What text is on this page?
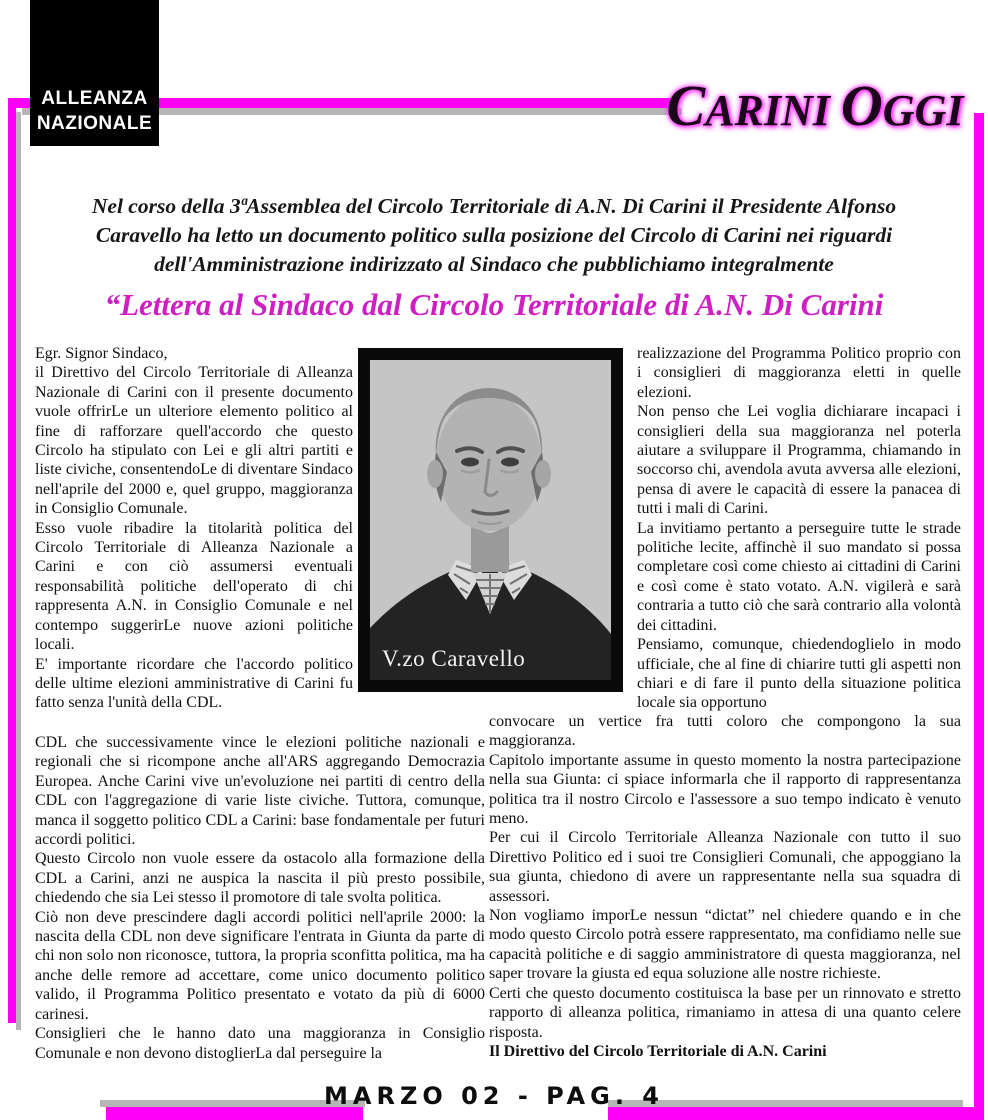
ALLEANZA
NAZIONALE	CARINI OGGI
Nel corso della 3ªAssemblea del Circolo Territoriale di A.N. Di Carini il Presidente Alfonso Caravello ha letto un documento politico sulla posizione del Circolo di Carini nei riguardi dell'Amministrazione indirizzato al Sindaco che pubblichiamo integralmente
“Lettera al Sindaco dal Circolo Territoriale di A.N. Di Carini

Egr. Signor Sindaco,

il Direttivo del Circolo Territoriale di Alleanza Nazionale di Carini con il presente documento vuole offrirLe un ulteriore elemento politico al fine di rafforzare quell'accordo che questo Circolo ha stipulato con Lei e gli altri partiti e liste civiche, consentendoLe di diventare Sindaco nell'aprile del 2000 e, quel gruppo, maggioranza in Consiglio Comunale.

Esso vuole ribadire la titolarità politica del Circolo Territoriale di Alleanza Nazionale a Carini e con ciò assumersi eventuali responsabilità politiche dell'operato di chi rappresenta A.N. in Consiglio Comunale e nel contempo suggerirLe nuove azioni politiche locali.

E' importante ricordare che l'accordo politico delle ultime elezioni amministrative di Carini fu fatto senza l'unità della CDL.

CDL che successivamente vince le elezioni politiche nazionali e regionali che si ricompone anche all'ARS aggregando Democrazia Europea. Anche Carini vive un'evoluzione nei partiti di centro della CDL con l'aggregazione di varie liste civiche. Tuttora, comunque, manca il soggetto politico CDL a Carini: base fondamentale per futuri accordi politici.

Questo Circolo non vuole essere da ostacolo alla formazione della CDL a Carini, anzi ne auspica la nascita il più presto possibile, chiedendo che sia Lei stesso il promotore di tale svolta politica.

Ciò non deve prescindere dagli accordi politici nell'aprile 2000: la nascita della CDL non deve significare l'entrata in Giunta da parte di chi non solo non riconosce, tuttora, la propria sconfitta politica, ma ha anche delle remore ad accettare, come unico documento politico valido, il Programma Politico presentato e votato da più di 6000 carinesi.

Consiglieri che le hanno dato una maggioranza in Consiglio Comunale e non devono distoglierLa dal perseguire la

realizzazione del Programma Politico proprio con i consiglieri di maggioranza eletti in quelle elezioni.

Non penso che Lei voglia dichiarare incapaci i consiglieri della sua maggioranza nel poterla aiutare a sviluppare il Programma, chiamando in soccorso chi, avendola avuta avversa alle elezioni, pensa di avere le capacità di essere la panacea di tutti i mali di Carini.

La invitiamo pertanto a perseguire tutte le strade politiche lecite, affinchè il suo mandato si possa completare così come chiesto ai cittadini di Carini e così come è stato votato. A.N. vigilerà e sarà contraria a tutto ciò che sarà contrario alla volontà dei cittadini.

Pensiamo, comunque, chiedendoglielo in modo ufficiale, che al fine di chiarire tutti gli aspetti non chiari e di fare il punto della situazione politica locale sia opportuno

convocare un vertice fra tutti coloro che compongono la sua maggioranza.

Capitolo importante assume in questo momento la nostra partecipazione nella sua Giunta: ci spiace informarla che il rapporto di rappresentanza politica tra il nostro Circolo e l'assessore a suo tempo indicato è venuto meno.

Per cui il Circolo Territoriale Alleanza Nazionale con tutto il suo Direttivo Politico ed i suoi tre Consiglieri Comunali, che appoggiano la sua giunta, chiedono di avere un rappresentante nella sua squadra di assessori.

Non vogliamo imporLe nessun “dictat” nel chiedere quando e in che modo questo Circolo potrà essere rappresentato, ma confidiamo nelle sue capacità politiche e di saggio amministratore di questa maggioranza, nel saper trovare la giusta ed equa soluzione alle nostre richieste.

Certi che questo documento costituisca la base per un rinnovato e stretto rapporto di alleanza politica, rimaniamo in attesa di una quanto celere risposta.

Il Direttivo del Circolo Territoriale di A.N. Carini

V.zo Caravello
MARZO 02 - PAG. 4
